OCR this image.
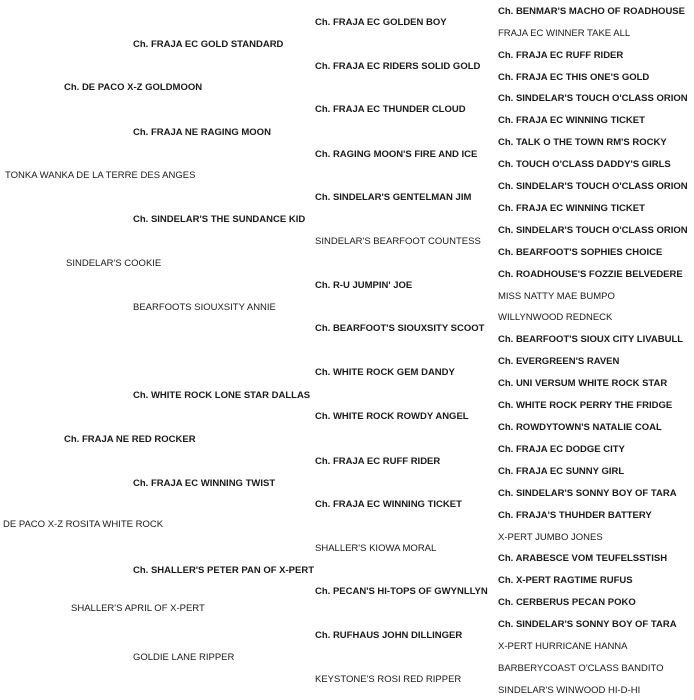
TONKA WANKA DE LA TERRE DES ANGES
DE PACO X-Z ROSITA WHITE ROCK
Ch. DE PACO X-Z GOLDMOON
SINDELAR'S COOKIE
Ch. FRAJA NE RED ROCKER
SHALLER'S APRIL OF X-PERT
Ch. FRAJA EC GOLD STANDARD
Ch. FRAJA NE RAGING MOON
Ch. SINDELAR'S THE SUNDANCE KID
BEARFOOTS SIOUXSITY ANNIE
Ch. WHITE ROCK LONE STAR DALLAS
Ch. FRAJA EC WINNING TWIST
Ch. SHALLER'S PETER PAN OF X-PERT
GOLDIE LANE RIPPER
Ch. FRAJA EC GOLDEN BOY
Ch. FRAJA EC RIDERS SOLID GOLD
Ch. FRAJA EC THUNDER CLOUD
Ch. RAGING MOON'S FIRE AND ICE
Ch. SINDELAR'S GENTELMAN JIM
SINDELAR'S BEARFOOT COUNTESS
Ch. R-U JUMPIN' JOE
Ch. BEARFOOT'S SIOUXSITY SCOOT
Ch. WHITE ROCK GEM DANDY
Ch. WHITE ROCK ROWDY ANGEL
Ch. FRAJA EC RUFF RIDER
Ch. FRAJA EC WINNING TICKET
SHALLER'S KIOWA MORAL
Ch. PECAN'S HI-TOPS OF GWYNLLYN
Ch. RUFHAUS JOHN DILLINGER
KEYSTONE'S ROSI RED RIPPER
Ch. BENMAR'S MACHO OF ROADHOUSE
FRAJA EC WINNER TAKE ALL
Ch. FRAJA EC RUFF RIDER
Ch. FRAJA EC THIS ONE'S GOLD
Ch. SINDELAR'S TOUCH O'CLASS ORION
Ch. FRAJA EC WINNING TICKET
Ch. TALK O THE TOWN RM'S ROCKY
Ch. TOUCH O'CLASS DADDY'S GIRLS
Ch. SINDELAR'S TOUCH O'CLASS ORION
Ch. FRAJA EC WINNING TICKET
Ch. SINDELAR'S TOUCH O'CLASS ORION
Ch. BEARFOOT'S SOPHIES CHOICE
Ch. ROADHOUSE'S FOZZIE BELVEDERE
MISS NATTY MAE BUMPO
WILLYNWOOD REDNECK
Ch. BEARFOOT'S SIOUX CITY LIVABULL
Ch. EVERGREEN'S RAVEN
Ch. UNI VERSUM WHITE ROCK STAR
Ch. WHITE ROCK PERRY THE FRIDGE
Ch. ROWDYTOWN'S NATALIE COAL
Ch. FRAJA EC DODGE CITY
Ch. FRAJA EC SUNNY GIRL
Ch. SINDELAR'S SONNY BOY OF TARA
Ch. FRAJA'S THUHDER BATTERY
X-PERT JUMBO JONES
Ch. ARABESCE VOM TEUFELSSTISH
Ch. X-PERT RAGTIME RUFUS
Ch. CERBERUS PECAN POKO
Ch. SINDELAR'S SONNY BOY OF TARA
X-PERT HURRICANE HANNA
BARBERYCOAST O'CLASS BANDITO
SINDELAR'S WINWOOD HI-D-HI
